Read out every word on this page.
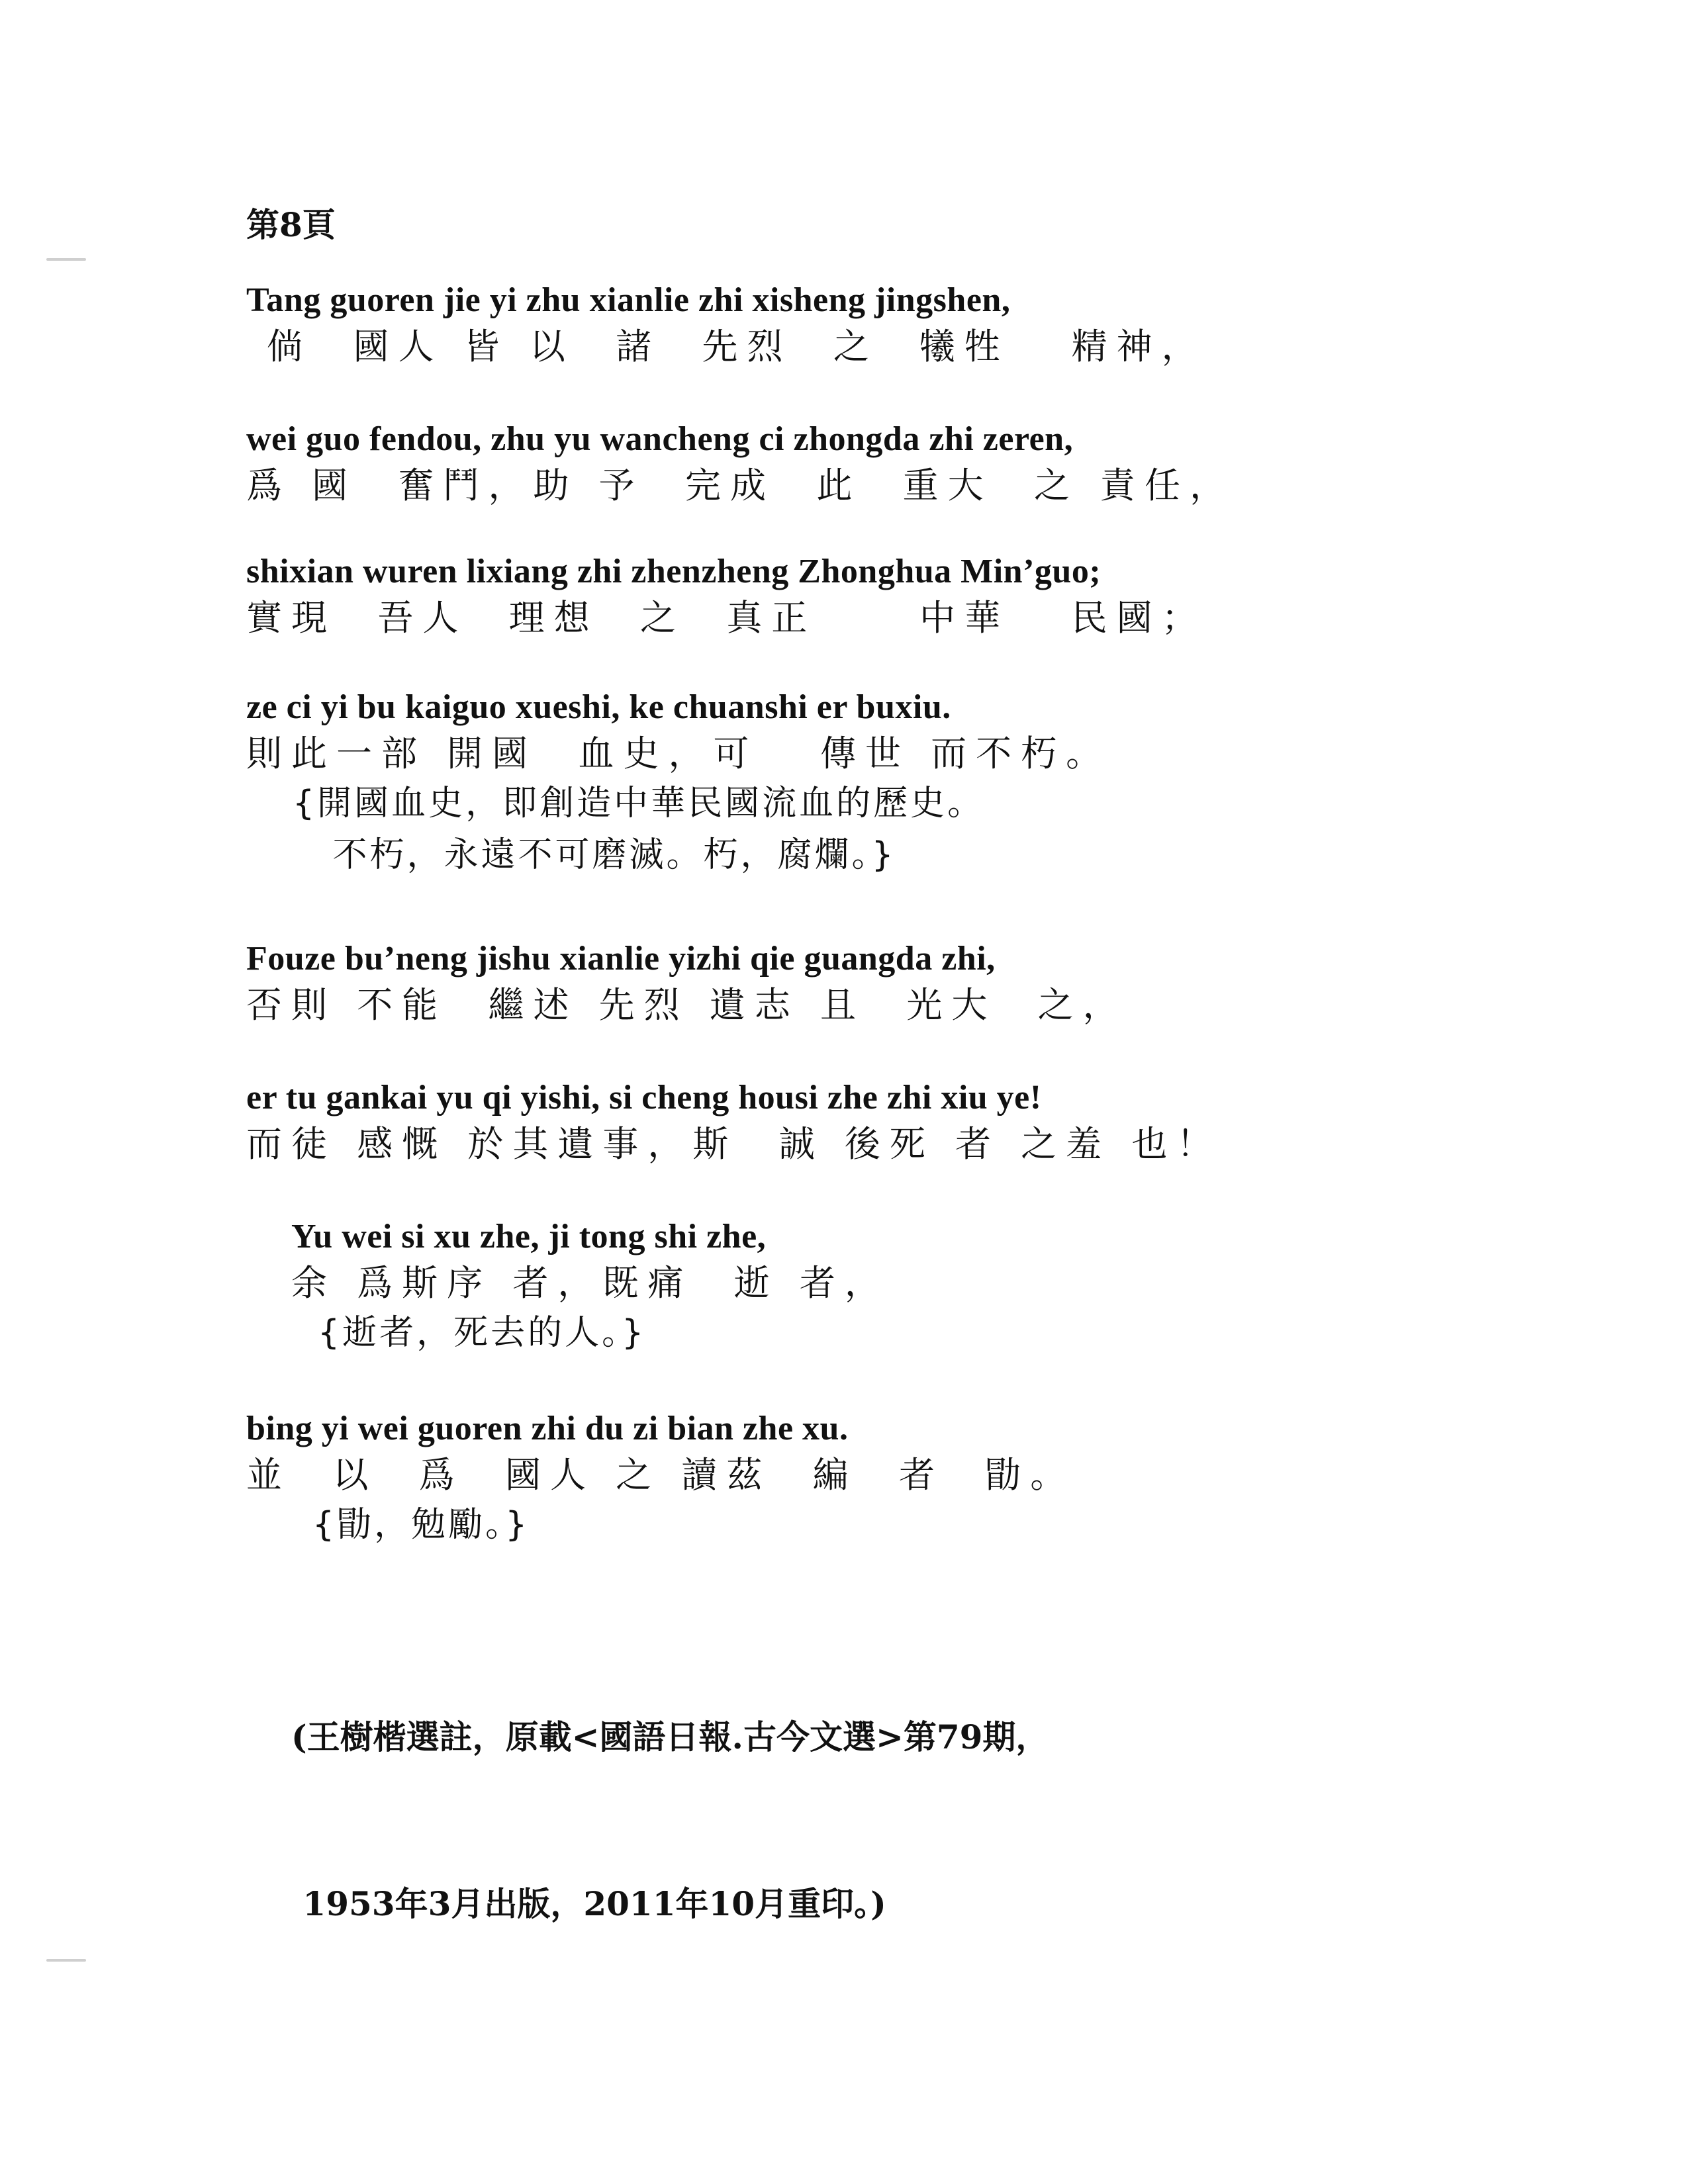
第8頁
Tang guoren jie yi zhu xianlie zhi xisheng jingshen,
倘  國人 皆 以  諸  先烈  之  犧牲   精神，
wei guo fendou, zhu yu wancheng ci zhongda zhi zeren,
爲 國  奮鬥，助 予  完成  此  重大  之 責任，
shixian wuren lixiang zhi zhenzheng Zhonghua Min’guo;
實現  吾人  理想  之  真正     中華   民國；
ze ci yi bu kaiguo xueshi, ke chuanshi er buxiu.
則此一部 開國  血史，可   傳世 而不朽。
{開國血史，即創造中華民國流血的歷史。
不朽，永遠不可磨滅。朽，腐爛。}
Fouze bu’neng jishu xianlie yizhi qie guangda zhi,
否則 不能  繼述 先烈 遺志 且  光大  之，
er tu gankai yu qi yishi, si cheng housi zhe zhi xiu ye!
而徒 感慨 於其遺事，斯  誠 後死 者 之羞 也！
Yu wei si xu zhe, ji tong shi zhe,
余 爲斯序 者，既痛  逝 者，
{逝者，死去的人。}
bing yi wei guoren zhi du zi bian zhe xu.
並  以  爲  國人 之 讀茲  編  者  勖。
{勖，勉勵。}

(王樹楷選註，原載<國語日報.古今文選>第79期，

1953年3月出版，2011年10月重印。)
